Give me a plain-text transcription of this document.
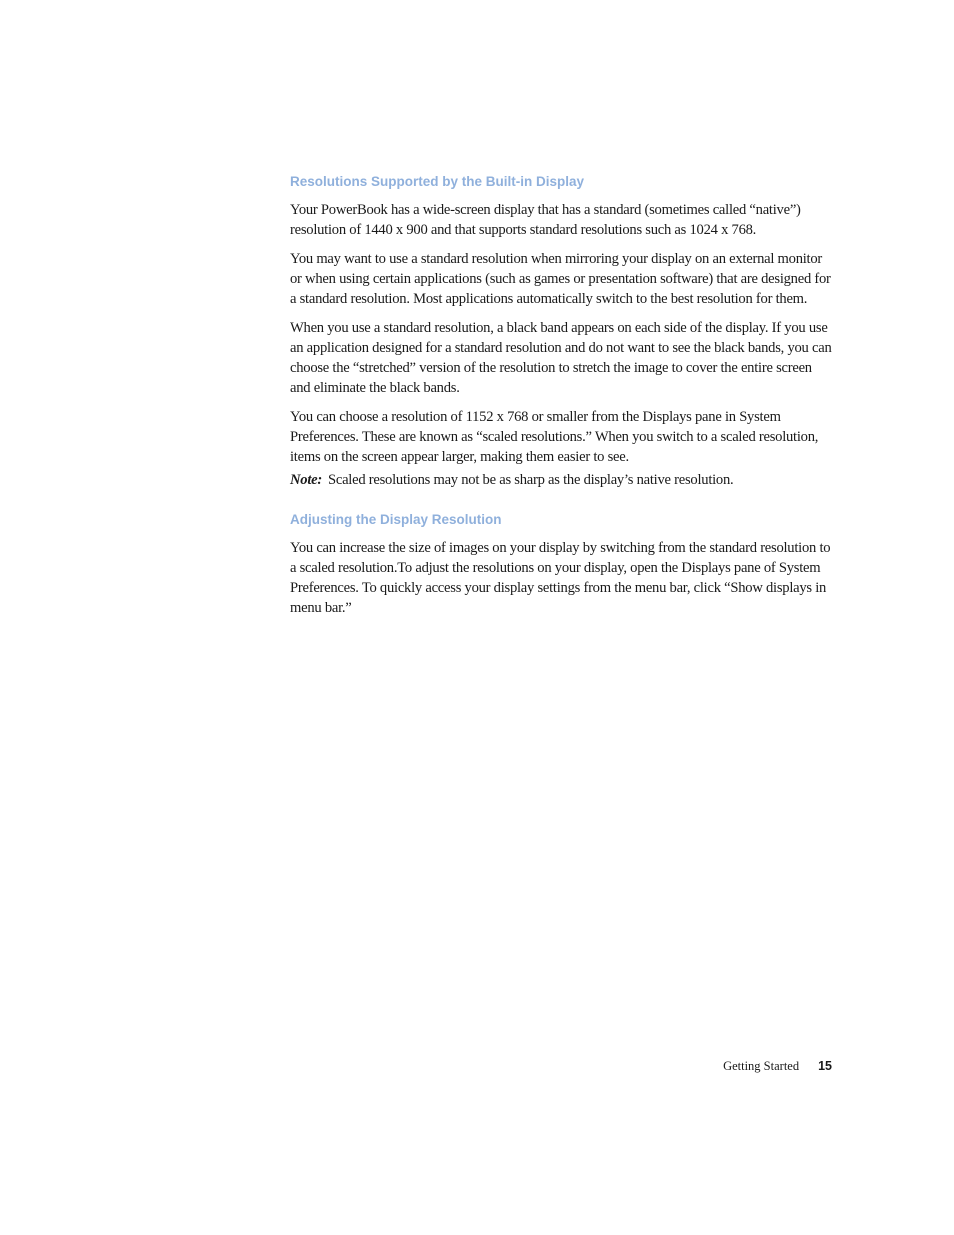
Resolutions Supported by the Built-in Display

Your PowerBook has a wide-screen display that has a standard (sometimes called “native”) resolution of 1440 x 900 and that supports standard resolutions such as 1024 x 768.

You may want to use a standard resolution when mirroring your display on an external monitor or when using certain applications (such as games or presentation software) that are designed for a standard resolution. Most applications automatically switch to the best resolution for them.

When you use a standard resolution, a black band appears on each side of the display. If you use an application designed for a standard resolution and do not want to see the black bands, you can choose the “stretched” version of the resolution to stretch the image to cover the entire screen and eliminate the black bands.

You can choose a resolution of 1152 x 768 or smaller from the Displays pane in System Preferences. These are known as “scaled resolutions.” When you switch to a scaled resolution, items on the screen appear larger, making them easier to see.

Note: Scaled resolutions may not be as sharp as the display’s native resolution.

Adjusting the Display Resolution

You can increase the size of images on your display by switching from the standard resolution to a scaled resolution.To adjust the resolutions on your display, open the Displays pane of System Preferences. To quickly access your display settings from the menu bar, click “Show displays in menu bar.”

Getting Started 15
